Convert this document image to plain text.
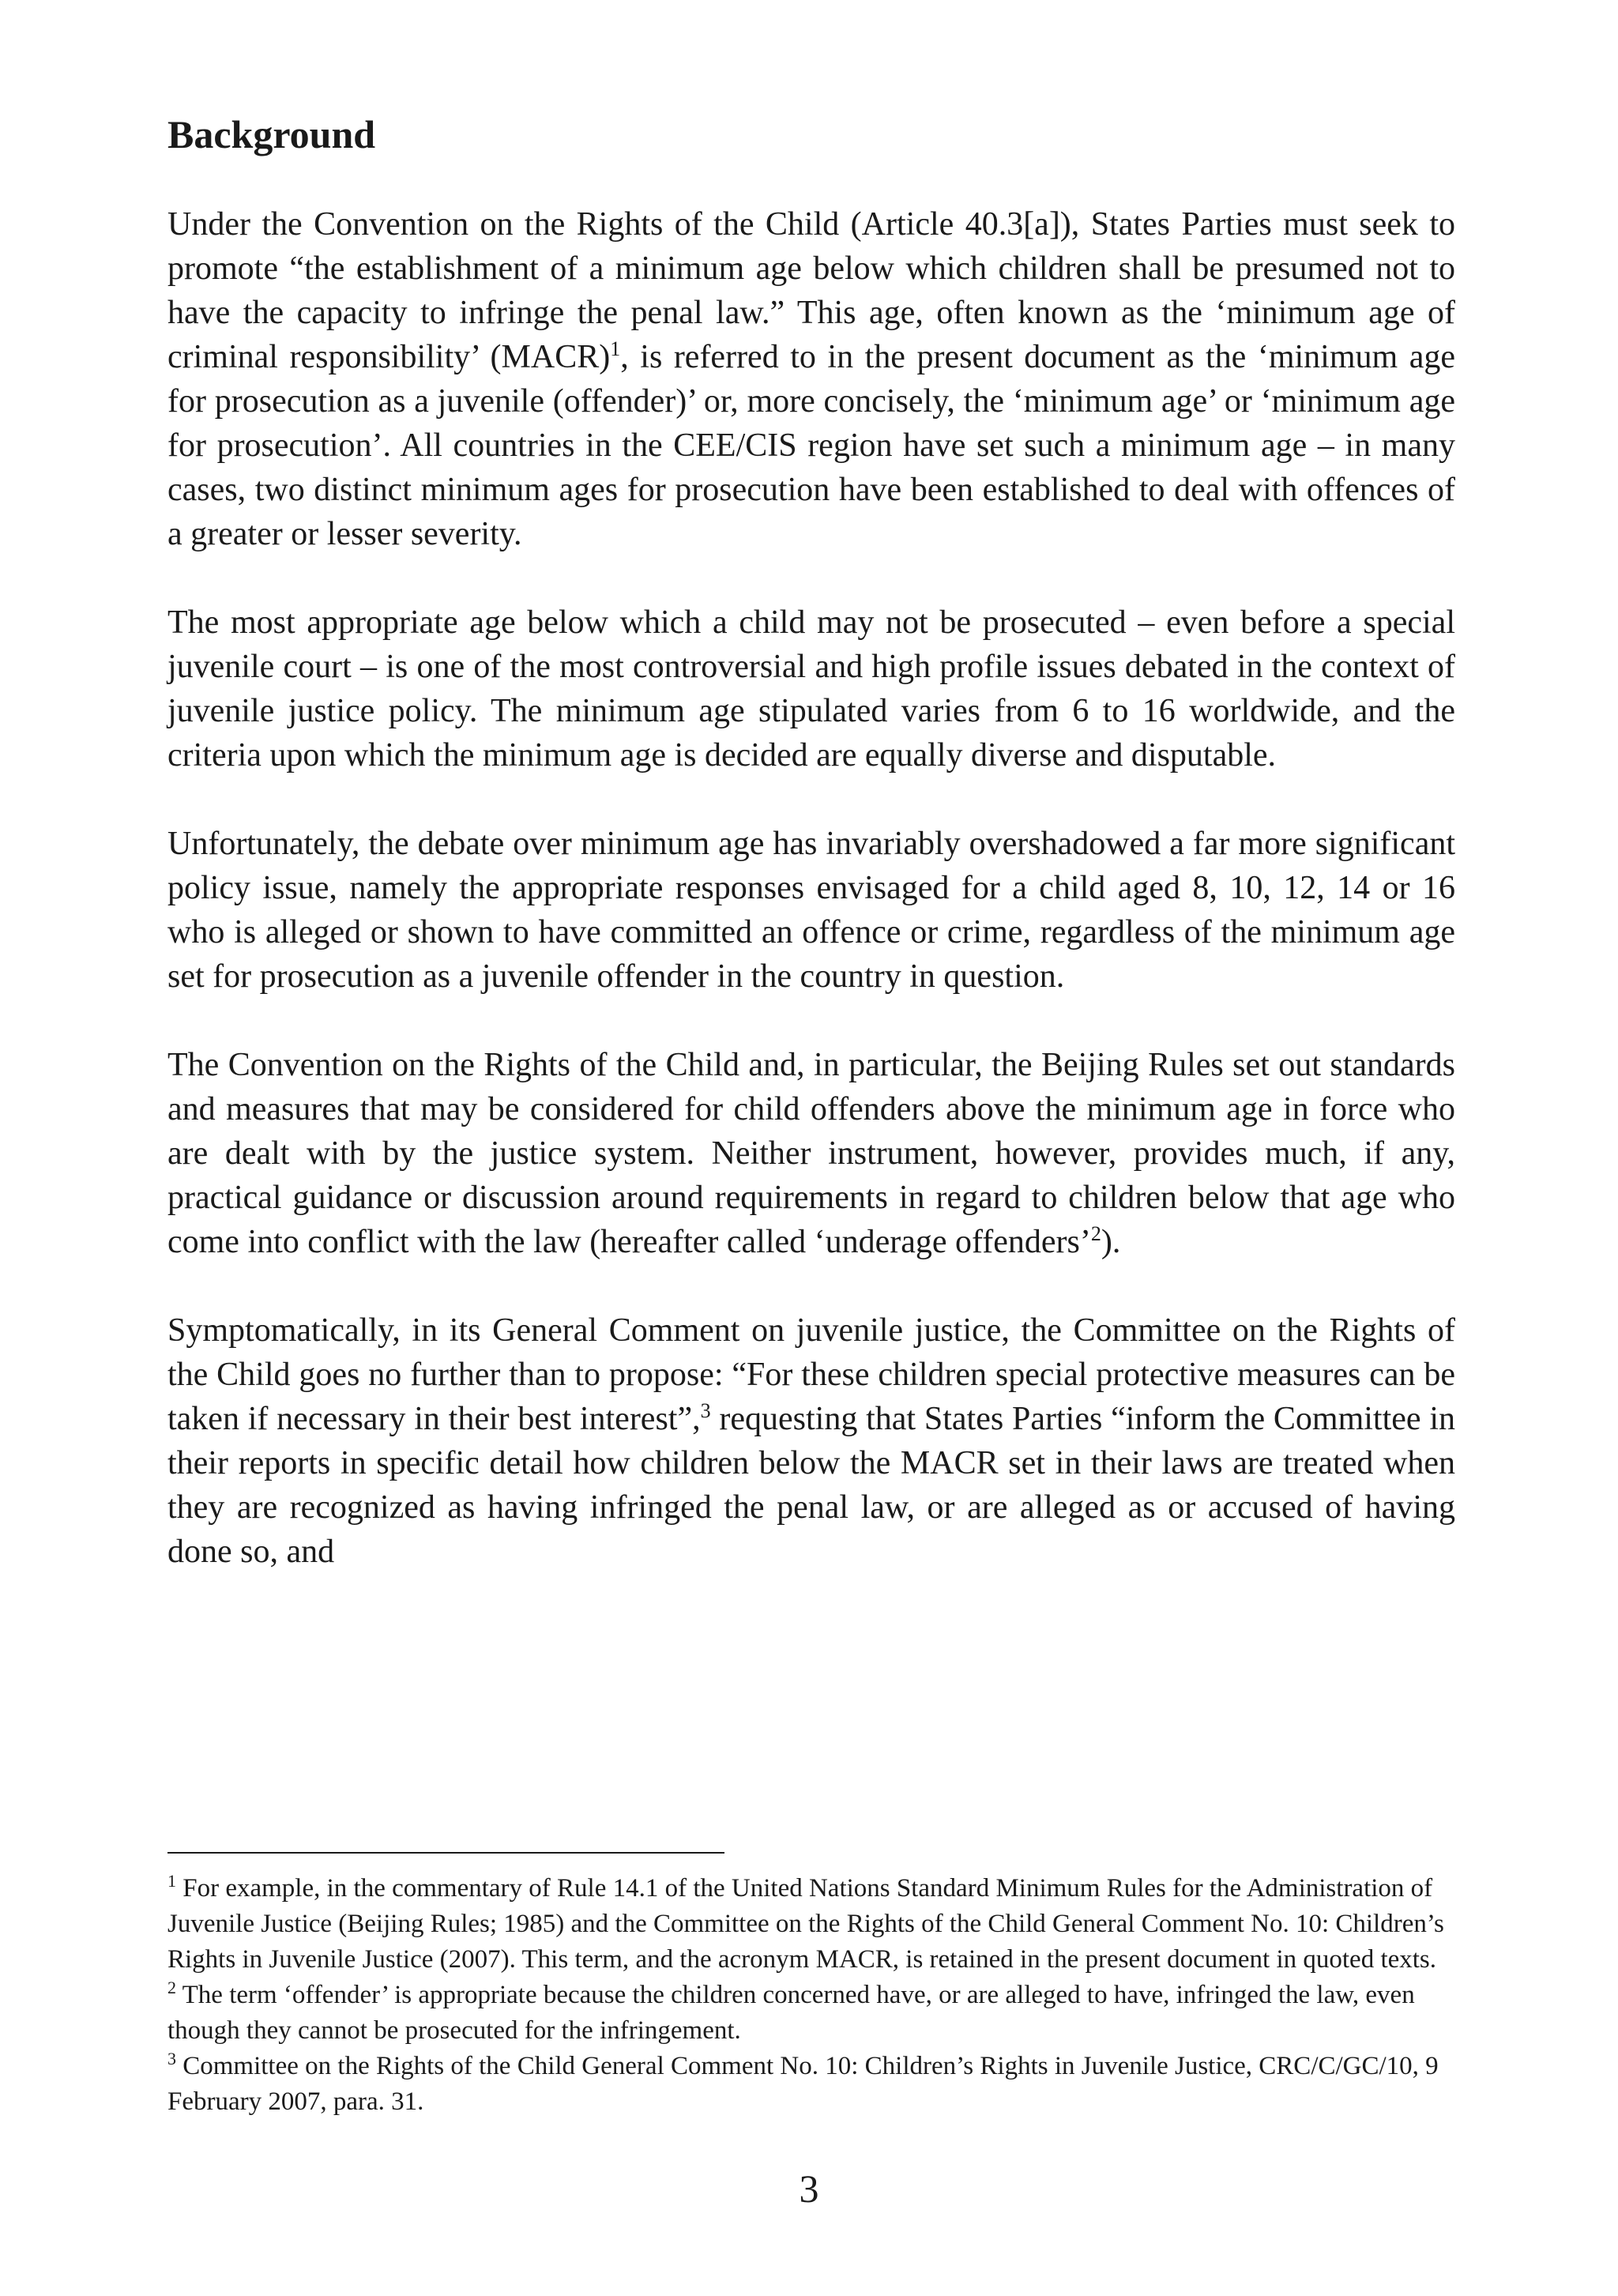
Background

Under the Convention on the Rights of the Child (Article 40.3[a]), States Parties must seek to promote “the establishment of a minimum age below which children shall be presumed not to have the capacity to infringe the penal law.” This age, often known as the ‘minimum age of criminal responsibility’ (MACR)$^1$, is referred to in the present document as the ‘minimum age for prosecution as a juvenile (offender)’ or, more concisely, the ‘minimum age’ or ‘minimum age for prosecution’. All countries in the CEE/CIS region have set such a minimum age – in many cases, two distinct minimum ages for prosecution have been established to deal with offences of a greater or lesser severity.

The most appropriate age below which a child may not be prosecuted – even before a special juvenile court – is one of the most controversial and high profile issues debated in the context of juvenile justice policy. The minimum age stipulated varies from 6 to 16 worldwide, and the criteria upon which the minimum age is decided are equally diverse and disputable.

Unfortunately, the debate over minimum age has invariably overshadowed a far more significant policy issue, namely the appropriate responses envisaged for a child aged 8, 10, 12, 14 or 16 who is alleged or shown to have committed an offence or crime, regardless of the minimum age set for prosecution as a juvenile offender in the country in question.

The Convention on the Rights of the Child and, in particular, the Beijing Rules set out standards and measures that may be considered for child offenders above the minimum age in force who are dealt with by the justice system. Neither instrument, however, provides much, if any, practical guidance or discussion around requirements in regard to children below that age who come into conflict with the law (hereafter called ‘underage offenders’$^2$).

Symptomatically, in its General Comment on juvenile justice, the Committee on the Rights of the Child goes no further than to propose: “For these children special protective measures can be taken if necessary in their best interest”,$^3$ requesting that States Parties “inform the Committee in their reports in specific detail how children below the MACR set in their laws are treated when they are recognized as having infringed the penal law, or are alleged as or accused of having done so, and

$^1$ For example, in the commentary of Rule 14.1 of the United Nations Standard Minimum Rules for the Administration of Juvenile Justice (Beijing Rules; 1985) and the Committee on the Rights of the Child General Comment No. 10: Children’s Rights in Juvenile Justice (2007). This term, and the acronym MACR, is retained in the present document in quoted texts.

$^2$ The term ‘offender’ is appropriate because the children concerned have, or are alleged to have, infringed the law, even though they cannot be prosecuted for the infringement.

$^3$ Committee on the Rights of the Child General Comment No. 10: Children’s Rights in Juvenile Justice, CRC/C/GC/10, 9 February 2007, para. 31.

3
